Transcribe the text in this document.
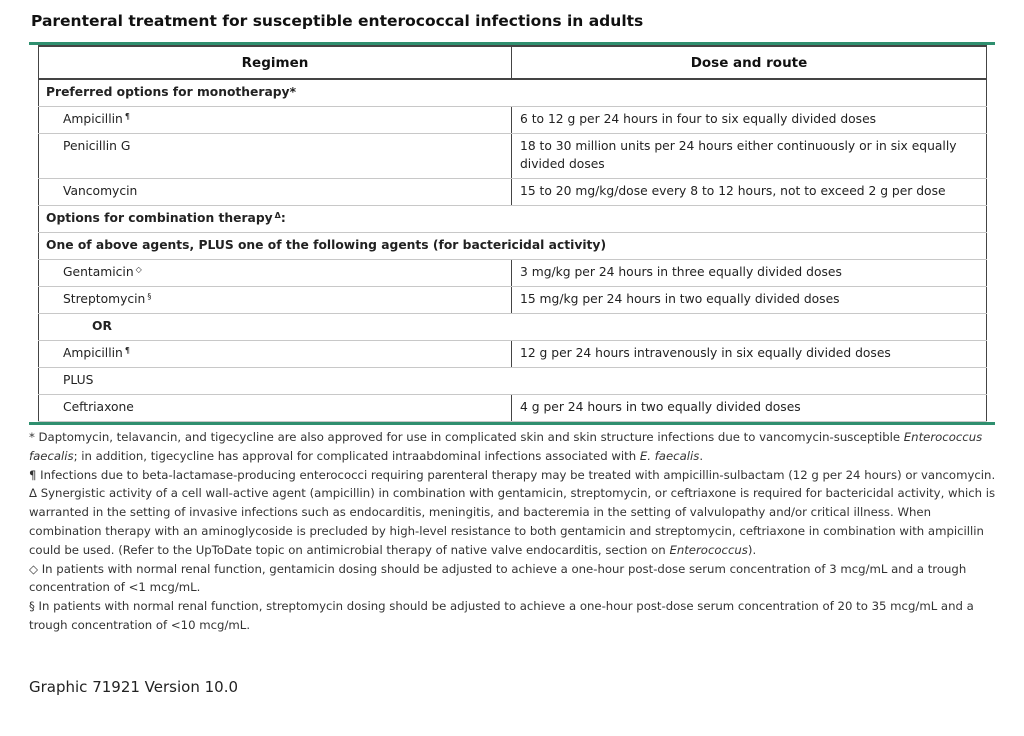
Parenteral treatment for susceptible enterococcal infections in adults
Regimen	Dose and route
Preferred options for monotherapy*	
Ampicillin ¶	6 to 12 g per 24 hours in four to six equally divided doses
Penicillin G	18 to 30 million units per 24 hours either continuously or in six equally divided doses
Vancomycin	15 to 20 mg/kg/dose every 8 to 12 hours, not to exceed 2 g per dose
Options for combination therapy $^\Delta$:	
One of above agents, PLUS one of the following agents (for bactericidal activity)	
Gentamicin ◇	3 mg/kg per 24 hours in three equally divided doses
Streptomycin §	15 mg/kg per 24 hours in two equally divided doses
OR	
Ampicillin ¶	12 g per 24 hours intravenously in six equally divided doses
PLUS	
Ceftriaxone	4 g per 24 hours in two equally divided doses

* Daptomycin, telavancin, and tigecycline are also approved for use in complicated skin and skin structure infections due to vancomycin-susceptible Enterococcus faecalis; in addition, tigecycline has approval for complicated intraabdominal infections associated with E. faecalis.

¶ Infections due to beta-lactamase-producing enterococci requiring parenteral therapy may be treated with ampicillin-sulbactam (12 g per 24 hours) or vancomycin.

Δ Synergistic activity of a cell wall-active agent (ampicillin) in combination with gentamicin, streptomycin, or ceftriaxone is required for bactericidal activity, which is warranted in the setting of invasive infections such as endocarditis, meningitis, and bacteremia in the setting of valvulopathy and/or critical illness. When combination therapy with an aminoglycoside is precluded by high-level resistance to both gentamicin and streptomycin, ceftriaxone in combination with ampicillin could be used. (Refer to the UpToDate topic on antimicrobial therapy of native valve endocarditis, section on Enterococcus).

◇ In patients with normal renal function, gentamicin dosing should be adjusted to achieve a one-hour post-dose serum concentration of 3 mcg/mL and a trough concentration of <1 mcg/mL.

§ In patients with normal renal function, streptomycin dosing should be adjusted to achieve a one-hour post-dose serum concentration of 20 to 35 mcg/mL and a trough concentration of <10 mcg/mL.

Graphic 71921 Version 10.0
